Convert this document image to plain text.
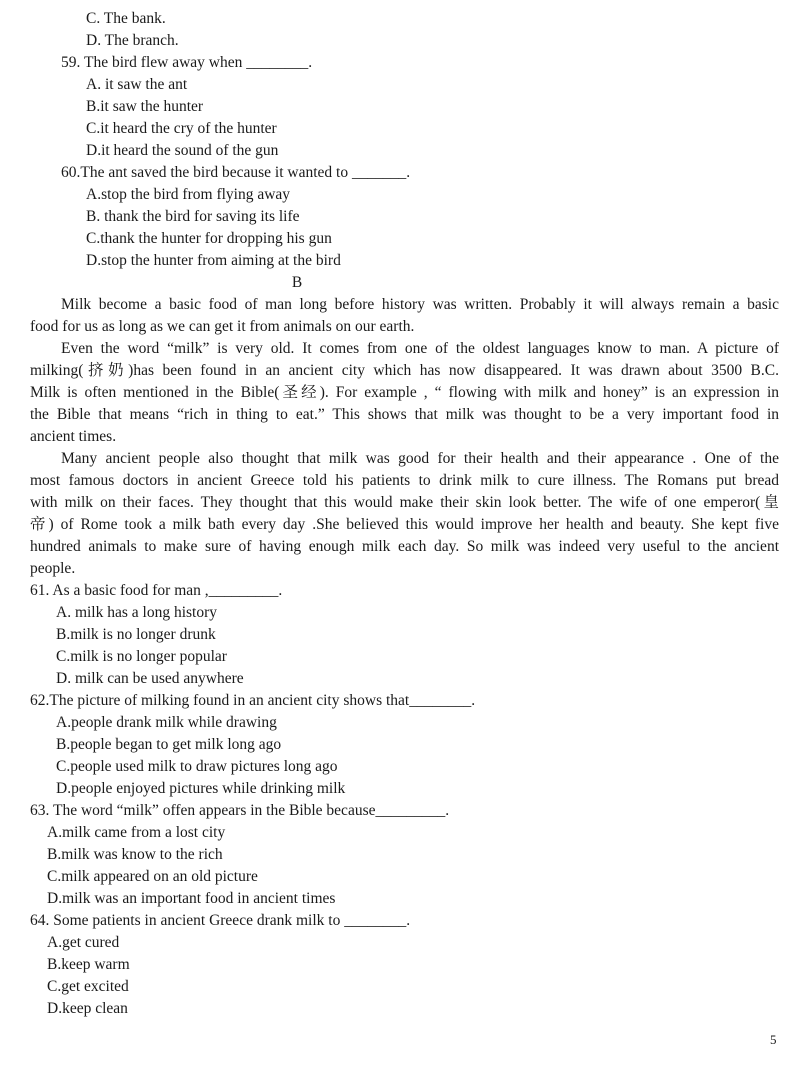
C. The bank.
D. The branch.
59. The bird flew away when ________.
A. it saw the ant
B.it saw the hunter
C.it heard the cry of the hunter
D.it heard the sound of the gun
60.The ant saved the bird because it wanted to _______.
A.stop the bird from flying away
B. thank the bird for saving its life
C.thank the hunter for dropping his gun
D.stop the hunter from aiming at the bird
B
Milk become a basic food of man long before history was written. Probably it will always remain a basic
food for us as long as we can get it from animals on our earth.
Even the word “milk” is very old. It comes from one of the oldest languages know to man. A picture of
milking(挤奶)has been found in an ancient city which has now disappeared. It was drawn about 3500 B.C.
Milk is often mentioned in the Bible(圣经). For example , “ flowing with milk and honey” is an expression in
the Bible that means “rich in thing to eat.” This shows that milk was thought to be a very important food in
ancient times.
Many ancient people also thought that milk was good for their health and their appearance . One of the
most famous doctors in ancient Greece told his patients to drink milk to cure illness. The Romans put bread
with milk on their faces. They thought that this would make their skin look better. The wife of one emperor(皇
帝) of Rome took a milk bath every day .She believed this would improve her health and beauty. She kept five
hundred animals to make sure of having enough milk each day. So milk was indeed very useful to the ancient
people.
61. As a basic food for man ,_________.
A. milk has a long history
B.milk is no longer drunk
C.milk is no longer popular
D. milk can be used anywhere
62.The picture of milking found in an ancient city shows that________.
A.people drank milk while drawing
B.people began to get milk long ago
C.people used milk to draw pictures long ago
D.people enjoyed pictures while drinking milk
63. The word “milk” offen appears in the Bible because_________.
A.milk came from a lost city
B.milk was know to the rich
C.milk appeared on an old picture
D.milk was an important food in ancient times
64. Some patients in ancient Greece drank milk to ________.
A.get cured
B.keep warm
C.get excited
D.keep clean
5
